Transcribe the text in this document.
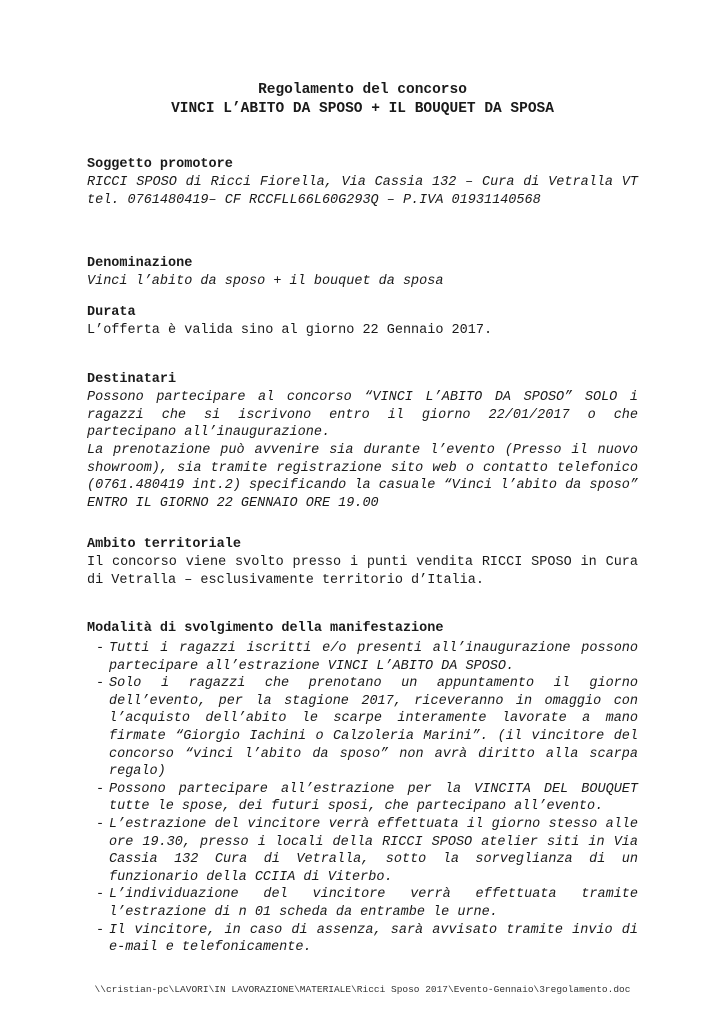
Regolamento del concorso
VINCI L’ABITO DA SPOSO + IL BOUQUET DA SPOSA
Soggetto promotore
RICCI SPOSO di Ricci Fiorella, Via Cassia 132 – Cura di Vetralla VT tel. 0761480419– CF RCCFLL66L60G293Q – P.IVA 01931140568
Denominazione
Vinci l’abito da sposo + il bouquet da sposa
Durata
L’offerta è valida sino al giorno 22 Gennaio 2017.
Destinatari
Possono partecipare al concorso “VINCI L’ABITO DA SPOSO” SOLO i ragazzi che si iscrivono entro il giorno 22/01/2017 o che partecipano all’inaugurazione.
La prenotazione può avvenire sia durante l’evento (Presso il nuovo showroom), sia tramite registrazione sito web o contatto telefonico (0761.480419 int.2) specificando la casuale “Vinci l’abito da sposo” ENTRO IL GIORNO 22 GENNAIO ORE 19.00
Ambito territoriale
Il concorso viene svolto presso i punti vendita RICCI SPOSO in Cura di Vetralla – esclusivamente territorio d’Italia.
Modalità di svolgimento della manifestazione
- Tutti i ragazzi iscritti e/o presenti all’inaugurazione possono partecipare all’estrazione VINCI L’ABITO DA SPOSO.
- Solo i ragazzi che prenotano un appuntamento il giorno dell’evento, per la stagione 2017, riceveranno in omaggio con l’acquisto dell’abito le scarpe interamente lavorate a mano firmate “Giorgio Iachini o Calzoleria Marini”. (il vincitore del concorso “vinci l’abito da sposo” non avrà diritto alla scarpa regalo)
- Possono partecipare all’estrazione per la VINCITA DEL BOUQUET tutte le spose, dei futuri sposi, che partecipano all’evento.
- L’estrazione del vincitore verrà effettuata il giorno stesso alle ore 19.30, presso i locali della RICCI SPOSO atelier siti in Via Cassia 132 Cura di Vetralla, sotto la sorveglianza di un funzionario della CCIIA di Viterbo.
- L’individuazione del vincitore verrà effettuata tramite l’estrazione di n 01 scheda da entrambe le urne.
- Il vincitore, in caso di assenza, sarà avvisato tramite invio di e-mail e telefonicamente.
\\cristian-pc\LAVORI\IN LAVORAZIONE\MATERIALE\Ricci Sposo 2017\Evento-Gennaio\3regolamento.doc
